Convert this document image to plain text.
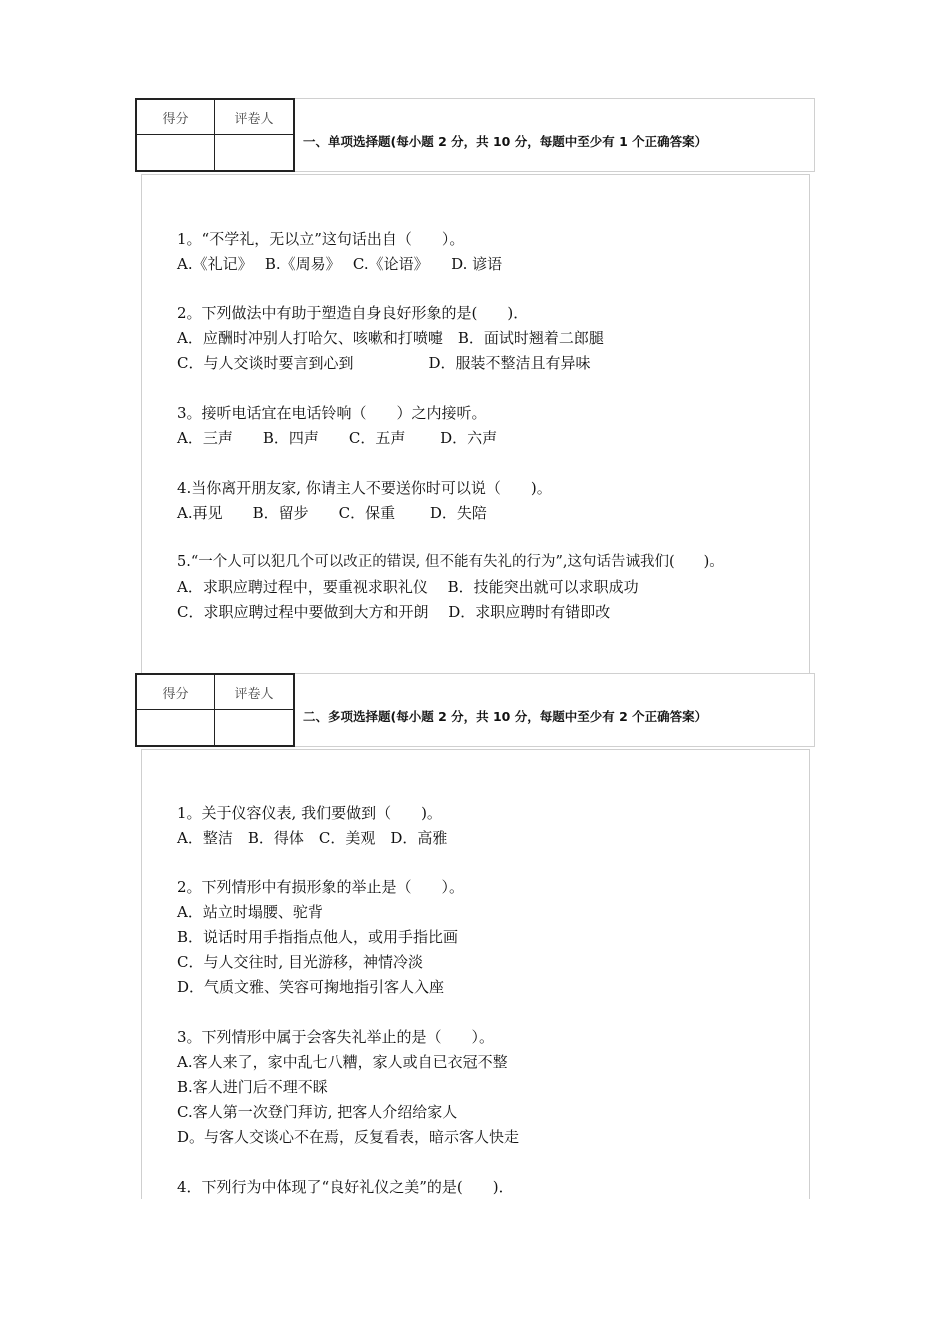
得分	评卷人
一、单项选择题(每小题 2 分，共 10 分，每题中至少有 1 个正确答案）
1。“不学礼，无以立”这句话出自（　　）。
A.《礼记》　 B.《周易》　 C.《论语》　　D. 谚语
2。下列做法中有助于塑造自身良好形象的是(　　)．
A．应酬时冲别人打哈欠、咳嗽和打喷嚏　B．面试时翘着二郎腿
C．与人交谈时要言到心到　　　　　D．服装不整洁且有异味
3。接听电话宜在电话铃响（　　）之内接听。
A．三声　　B．四声　　C．五声　　 D．六声
4.当你离开朋友家, 你请主人不要送你时可以说（　　)。
A.再见　　B．留步　　C．保重　　 D．失陪
5.“一个人可以犯几个可以改正的错误, 但不能有失礼的行为”,这句话告诫我们(　　)。
A．求职应聘过程中，要重视求职礼仪　 B．技能突出就可以求职成功
C．求职应聘过程中要做到大方和开朗　 D．求职应聘时有错即改
得分	评卷人
二、多项选择题(每小题 2 分，共 10 分，每题中至少有 2 个正确答案）
1。关于仪容仪表, 我们要做到（　　)。
A．整洁　B．得体　C．美观　D．高雅
2。下列情形中有损形象的举止是（　　）。
A．站立时塌腰、驼背
B．说话时用手指指点他人，或用手指比画
C．与人交往时, 目光游移，神情冷淡
D．气质文雅、笑容可掬地指引客人入座
3。下列情形中属于会客失礼举止的是（　　）。
A.客人来了，家中乱七八糟，家人或自已衣冠不整
B.客人进门后不理不睬
C.客人第一次登门拜访, 把客人介绍给家人
D。与客人交谈心不在焉，反复看表，暗示客人快走
4．下列行为中体现了“良好礼仪之美”的是(　　)．
